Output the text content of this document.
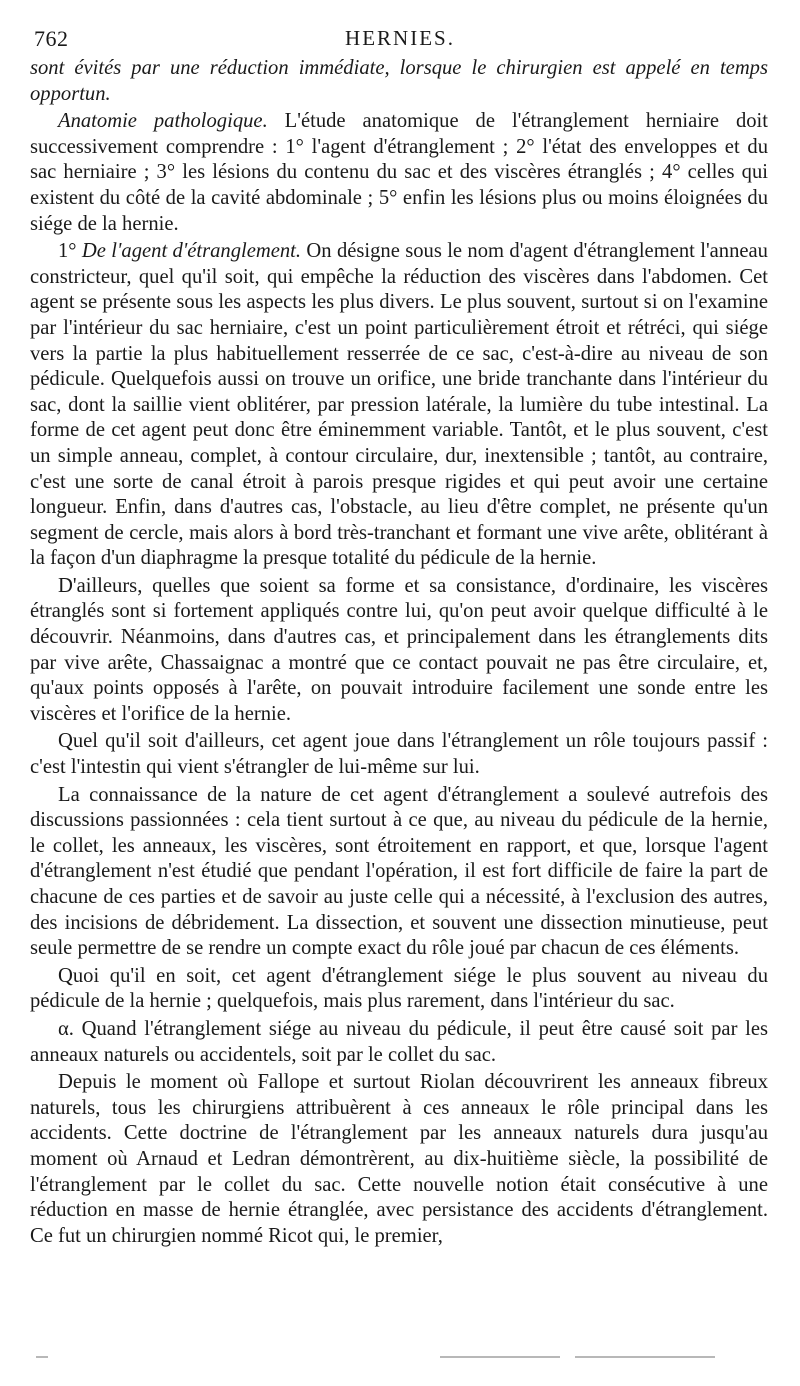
762	HERNIES.

sont évités par une réduction immédiate, lorsque le chirurgien est appelé en temps opportun.

Anatomie pathologique. L'étude anatomique de l'étranglement herniaire doit successivement comprendre : 1° l'agent d'étranglement ; 2° l'état des enveloppes et du sac herniaire ; 3° les lésions du contenu du sac et des viscères étranglés ; 4° celles qui existent du côté de la cavité abdominale ; 5° enfin les lésions plus ou moins éloignées du siége de la hernie.

1° De l'agent d'étranglement. On désigne sous le nom d'agent d'étranglement l'anneau constricteur, quel qu'il soit, qui empêche la réduction des viscères dans l'abdomen. Cet agent se présente sous les aspects les plus divers. Le plus souvent, surtout si on l'examine par l'intérieur du sac herniaire, c'est un point particulièrement étroit et rétréci, qui siége vers la partie la plus habituellement resserrée de ce sac, c'est-à-dire au niveau de son pédicule. Quelquefois aussi on trouve un orifice, une bride tranchante dans l'intérieur du sac, dont la saillie vient oblitérer, par pression latérale, la lumière du tube intestinal. La forme de cet agent peut donc être éminemment variable. Tantôt, et le plus souvent, c'est un simple anneau, complet, à contour circulaire, dur, inextensible ; tantôt, au contraire, c'est une sorte de canal étroit à parois presque rigides et qui peut avoir une certaine longueur. Enfin, dans d'autres cas, l'obstacle, au lieu d'être complet, ne présente qu'un segment de cercle, mais alors à bord très-tranchant et formant une vive arête, oblitérant à la façon d'un diaphragme la presque totalité du pédicule de la hernie.

D'ailleurs, quelles que soient sa forme et sa consistance, d'ordinaire, les viscères étranglés sont si fortement appliqués contre lui, qu'on peut avoir quelque difficulté à le découvrir. Néanmoins, dans d'autres cas, et principalement dans les étranglements dits par vive arête, Chassaignac a montré que ce contact pouvait ne pas être circulaire, et, qu'aux points opposés à l'arête, on pouvait introduire facilement une sonde entre les viscères et l'orifice de la hernie.

Quel qu'il soit d'ailleurs, cet agent joue dans l'étranglement un rôle toujours passif : c'est l'intestin qui vient s'étrangler de lui-même sur lui.

La connaissance de la nature de cet agent d'étranglement a soulevé autrefois des discussions passionnées : cela tient surtout à ce que, au niveau du pédicule de la hernie, le collet, les anneaux, les viscères, sont étroitement en rapport, et que, lorsque l'agent d'étranglement n'est étudié que pendant l'opération, il est fort difficile de faire la part de chacune de ces parties et de savoir au juste celle qui a nécessité, à l'exclusion des autres, des incisions de débridement. La dissection, et souvent une dissection minutieuse, peut seule permettre de se rendre un compte exact du rôle joué par chacun de ces éléments.

Quoi qu'il en soit, cet agent d'étranglement siége le plus souvent au niveau du pédicule de la hernie ; quelquefois, mais plus rarement, dans l'intérieur du sac.

α. Quand l'étranglement siége au niveau du pédicule, il peut être causé soit par les anneaux naturels ou accidentels, soit par le collet du sac.

Depuis le moment où Fallope et surtout Riolan découvrirent les anneaux fibreux naturels, tous les chirurgiens attribuèrent à ces anneaux le rôle principal dans les accidents. Cette doctrine de l'étranglement par les anneaux naturels dura jusqu'au moment où Arnaud et Ledran démontrèrent, au dix-huitième siècle, la possibilité de l'étranglement par le collet du sac. Cette nouvelle notion était consécutive à une réduction en masse de hernie étranglée, avec persistance des accidents d'étranglement. Ce fut un chirurgien nommé Ricot qui, le premier,
